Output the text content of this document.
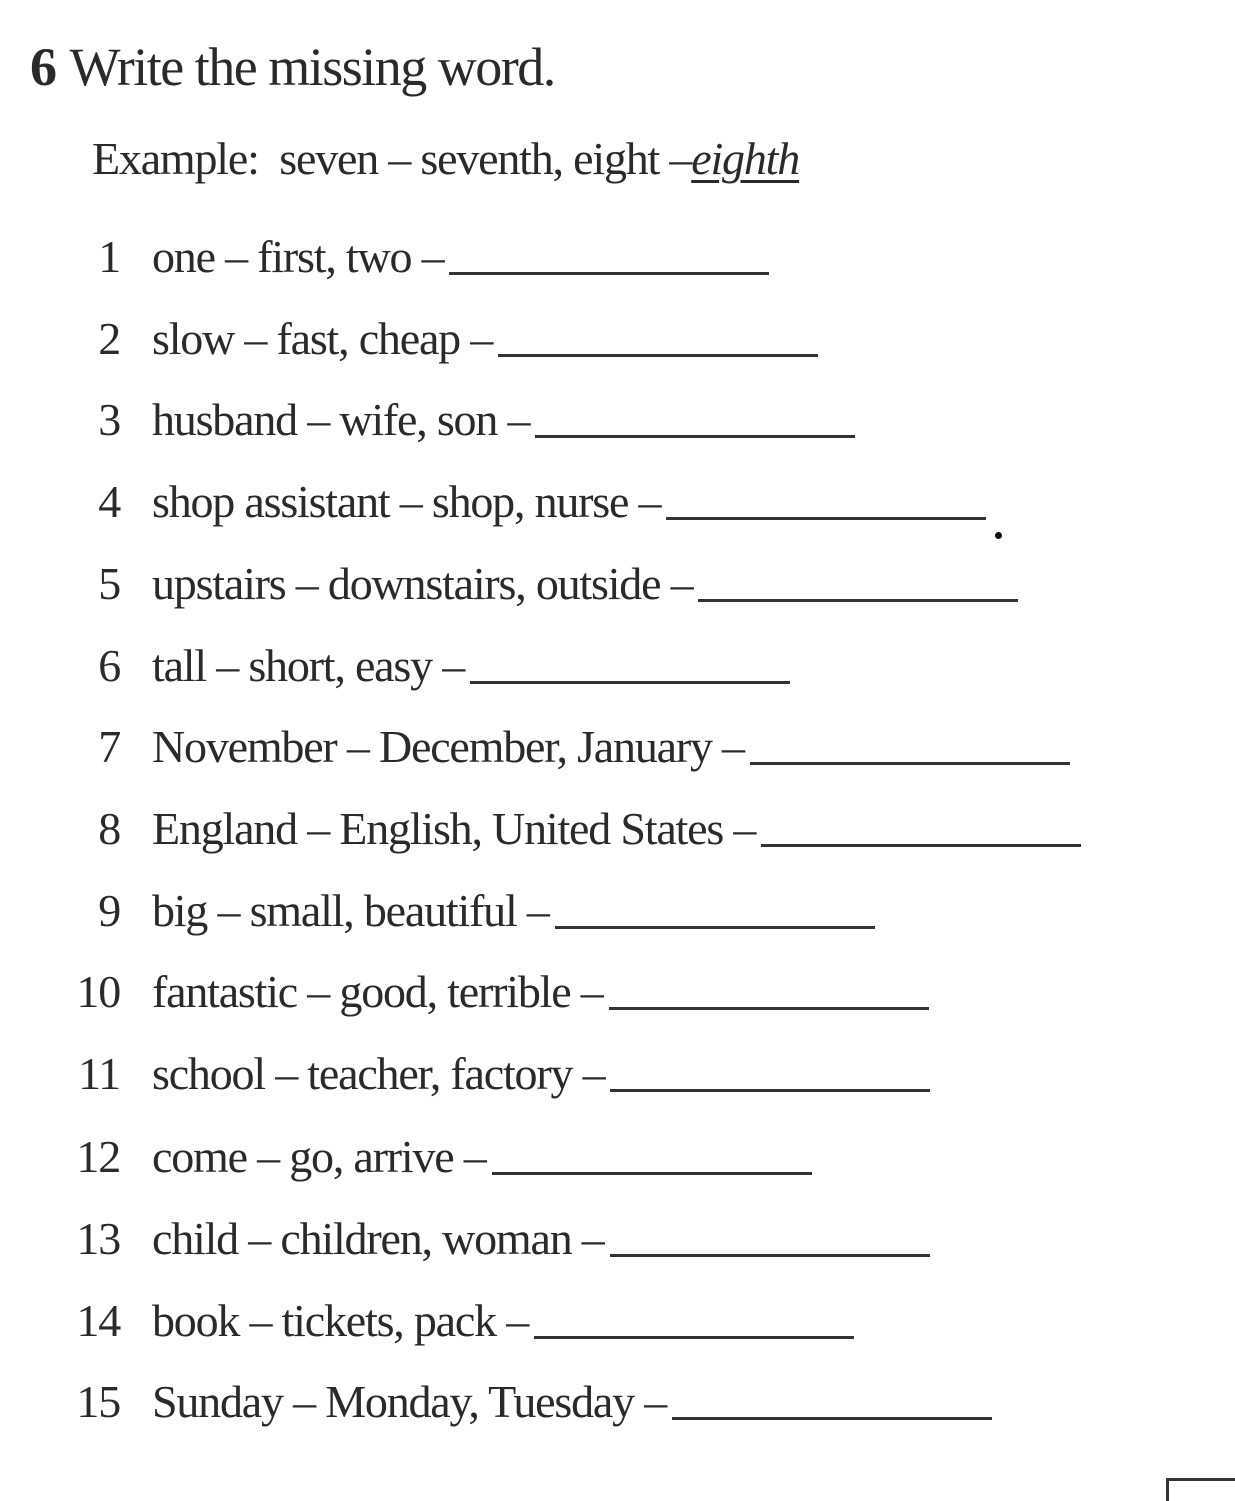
6 Write the missing word.
Example: seven – seventh, eight –eighth
1 one – first, two –
2 slow – fast, cheap –
3 husband – wife, son –
4 shop assistant – shop, nurse –
5 upstairs – downstairs, outside –
6 tall – short, easy –
7 November – December, January –
8 England – English, United States –
9 big – small, beautiful –
10 fantastic – good, terrible –
11 school – teacher, factory –
12 come – go, arrive –
13 child – children, woman –
14 book – tickets, pack –
15 Sunday – Monday, Tuesday –
